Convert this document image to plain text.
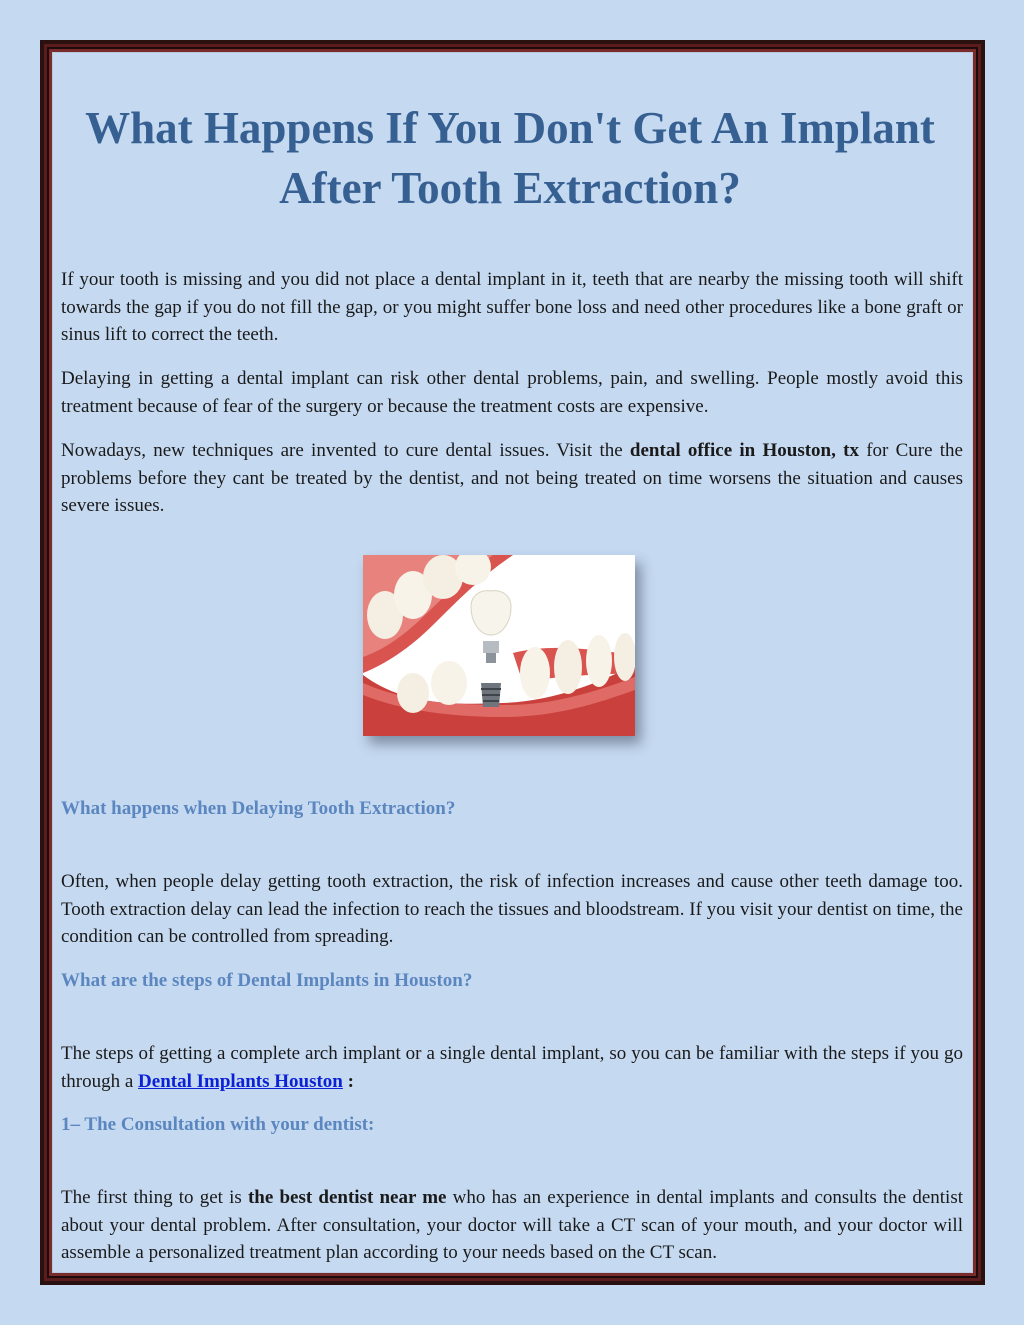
What Happens If You Don't Get An Implant After Tooth Extraction?

If your tooth is missing and you did not place a dental implant in it, teeth that are nearby the missing tooth will shift towards the gap if you do not fill the gap, or you might suffer bone loss and need other procedures like a bone graft or sinus lift to correct the teeth.

Delaying in getting a dental implant can risk other dental problems, pain, and swelling. People mostly avoid this treatment because of fear of the surgery or because the treatment costs are expensive.

Nowadays, new techniques are invented to cure dental issues. Visit the dental office in Houston, tx for Cure the problems before they cant be treated by the dentist, and not being treated on time worsens the situation and causes severe issues.

What happens when Delaying Tooth Extraction?

Often, when people delay getting tooth extraction, the risk of infection increases and cause other teeth damage too. Tooth extraction delay can lead the infection to reach the tissues and bloodstream. If you visit your dentist on time, the condition can be controlled from spreading.

What are the steps of Dental Implants in Houston?

The steps of getting a complete arch implant or a single dental implant, so you can be familiar with the steps if you go through a Dental Implants Houston :

1– The Consultation with your dentist:

The first thing to get is the best dentist near me who has an experience in dental implants and consults the dentist about your dental problem. After consultation, your doctor will take a CT scan of your mouth, and your doctor will assemble a personalized treatment plan according to your needs based on the CT scan.
